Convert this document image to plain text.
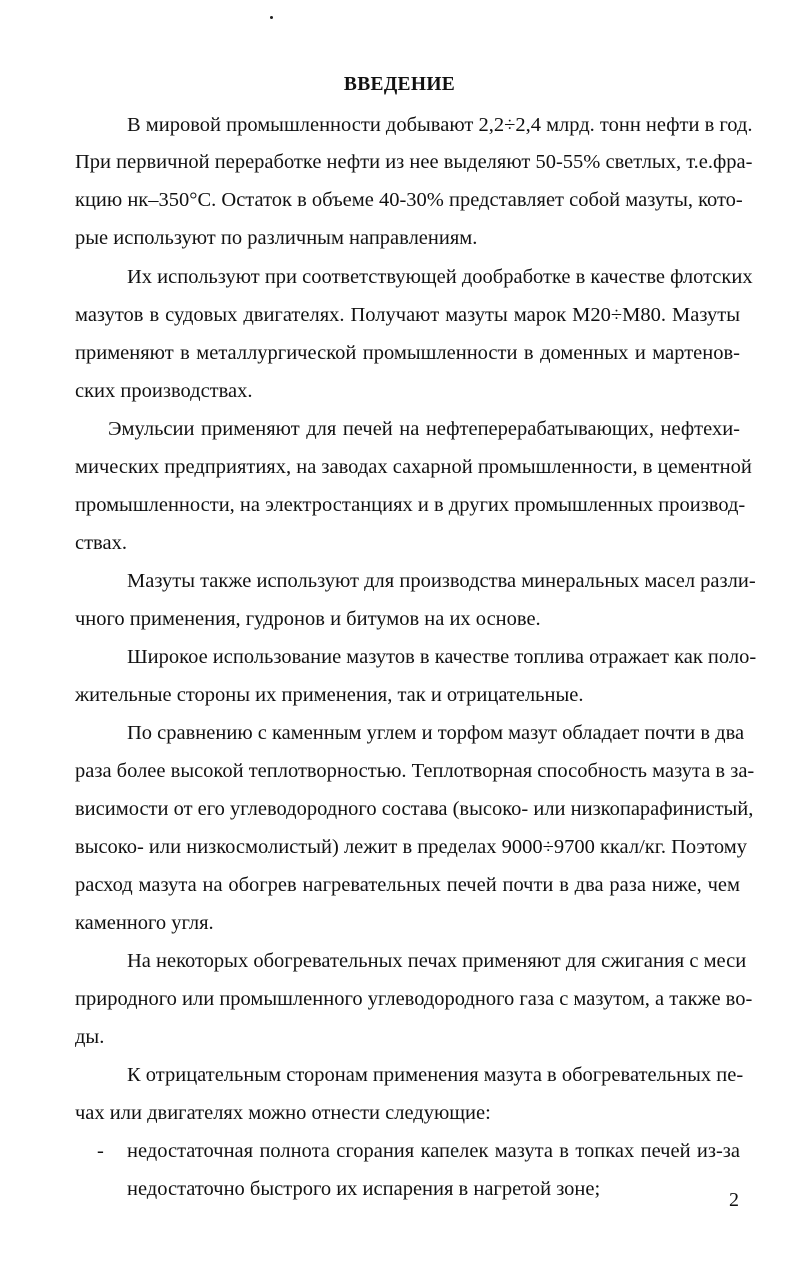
ВВЕДЕНИЕ

В мировой промышленности добывают 2,2÷2,4 млрд. тонн нефти в год.

При первичной переработке нефти из нее выделяют 50-55% светлых, т.е.фра-

кцию нк–350°С. Остаток в объеме 40-30% представляет собой мазуты, кото-

рые используют по различным направлениям.

Их используют при соответствующей дообработке в качестве флотских

мазутов в судовых двигателях. Получают мазуты марок М20÷М80. Мазуты

применяют в металлургической промышленности в доменных и мартенов-

ских производствах.

Эмульсии применяют для печей на нефтеперерабатывающих, нефтехи-

мических предприятиях, на заводах сахарной промышленности, в цементной

промышленности, на электростанциях и в других промышленных производ-

ствах.

Мазуты также используют для производства минеральных масел разли-

чного применения, гудронов и битумов на их основе.

Широкое использование мазутов в качестве топлива отражает как поло-

жительные стороны их применения, так и отрицательные.

По сравнению с каменным углем и торфом мазут обладает почти в два

раза более высокой теплотворностью. Теплотворная способность мазута в за-

висимости от его углеводородного состава (высоко- или низкопарафинистый,

высоко- или низкосмолистый) лежит в пределах 9000÷9700 ккал/кг. Поэтому

расход мазута на обогрев нагревательных печей почти в два раза ниже, чем

каменного угля.

На некоторых обогревательных печах применяют для сжигания с меси

природного или промышленного углеводородного газа с мазутом, а также во-

ды.

К отрицательным сторонам применения мазута в обогревательных пе-

чах или двигателях можно отнести следующие:

- недостаточная полнота сгорания капелек мазута в топках печей из-за

недостаточно быстрого их испарения в нагретой зоне;	2
